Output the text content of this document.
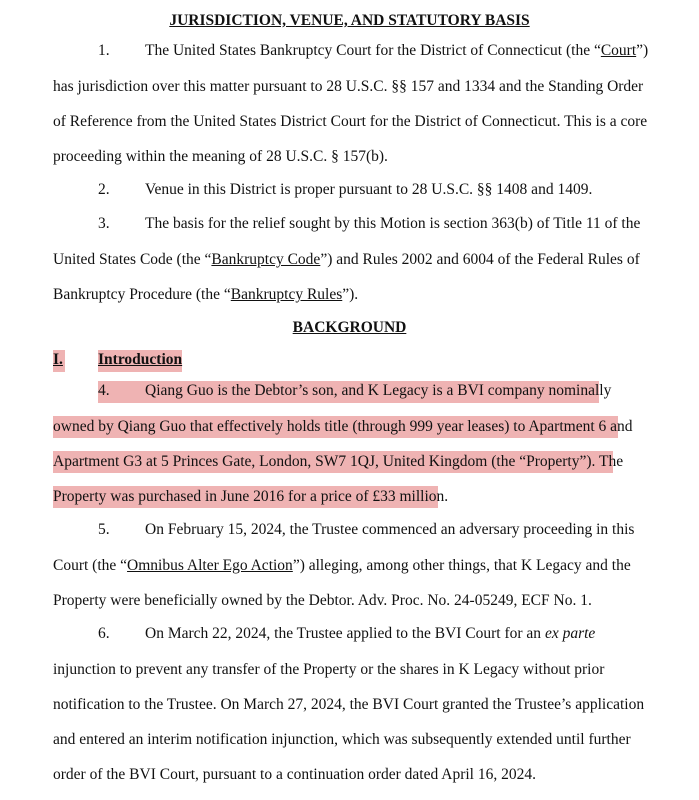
JURISDICTION, VENUE, AND STATUTORY BASIS
1. The United States Bankruptcy Court for the District of Connecticut (the “Court”)
has jurisdiction over this matter pursuant to 28 U.S.C. §§ 157 and 1334 and the Standing Order
of Reference from the United States District Court for the District of Connecticut. This is a core
proceeding within the meaning of 28 U.S.C. § 157(b).
2. Venue in this District is proper pursuant to 28 U.S.C. §§ 1408 and 1409.
3. The basis for the relief sought by this Motion is section 363(b) of Title 11 of the
United States Code (the “Bankruptcy Code”) and Rules 2002 and 6004 of the Federal Rules of
Bankruptcy Procedure (the “Bankruptcy Rules”).
BACKGROUND
I. Introduction
4. Qiang Guo is the Debtor’s son, and K Legacy is a BVI company nominally
owned by Qiang Guo that effectively holds title (through 999 year leases) to Apartment 6 and
Apartment G3 at 5 Princes Gate, London, SW7 1QJ, United Kingdom (the “Property”). The
Property was purchased in June 2016 for a price of £33 million.
5. On February 15, 2024, the Trustee commenced an adversary proceeding in this
Court (the “Omnibus Alter Ego Action”) alleging, among other things, that K Legacy and the
Property were beneficially owned by the Debtor. Adv. Proc. No. 24-05249, ECF No. 1.
6. On March 22, 2024, the Trustee applied to the BVI Court for an ex parte
injunction to prevent any transfer of the Property or the shares in K Legacy without prior
notification to the Trustee. On March 27, 2024, the BVI Court granted the Trustee’s application
and entered an interim notification injunction, which was subsequently extended until further
order of the BVI Court, pursuant to a continuation order dated April 16, 2024.
